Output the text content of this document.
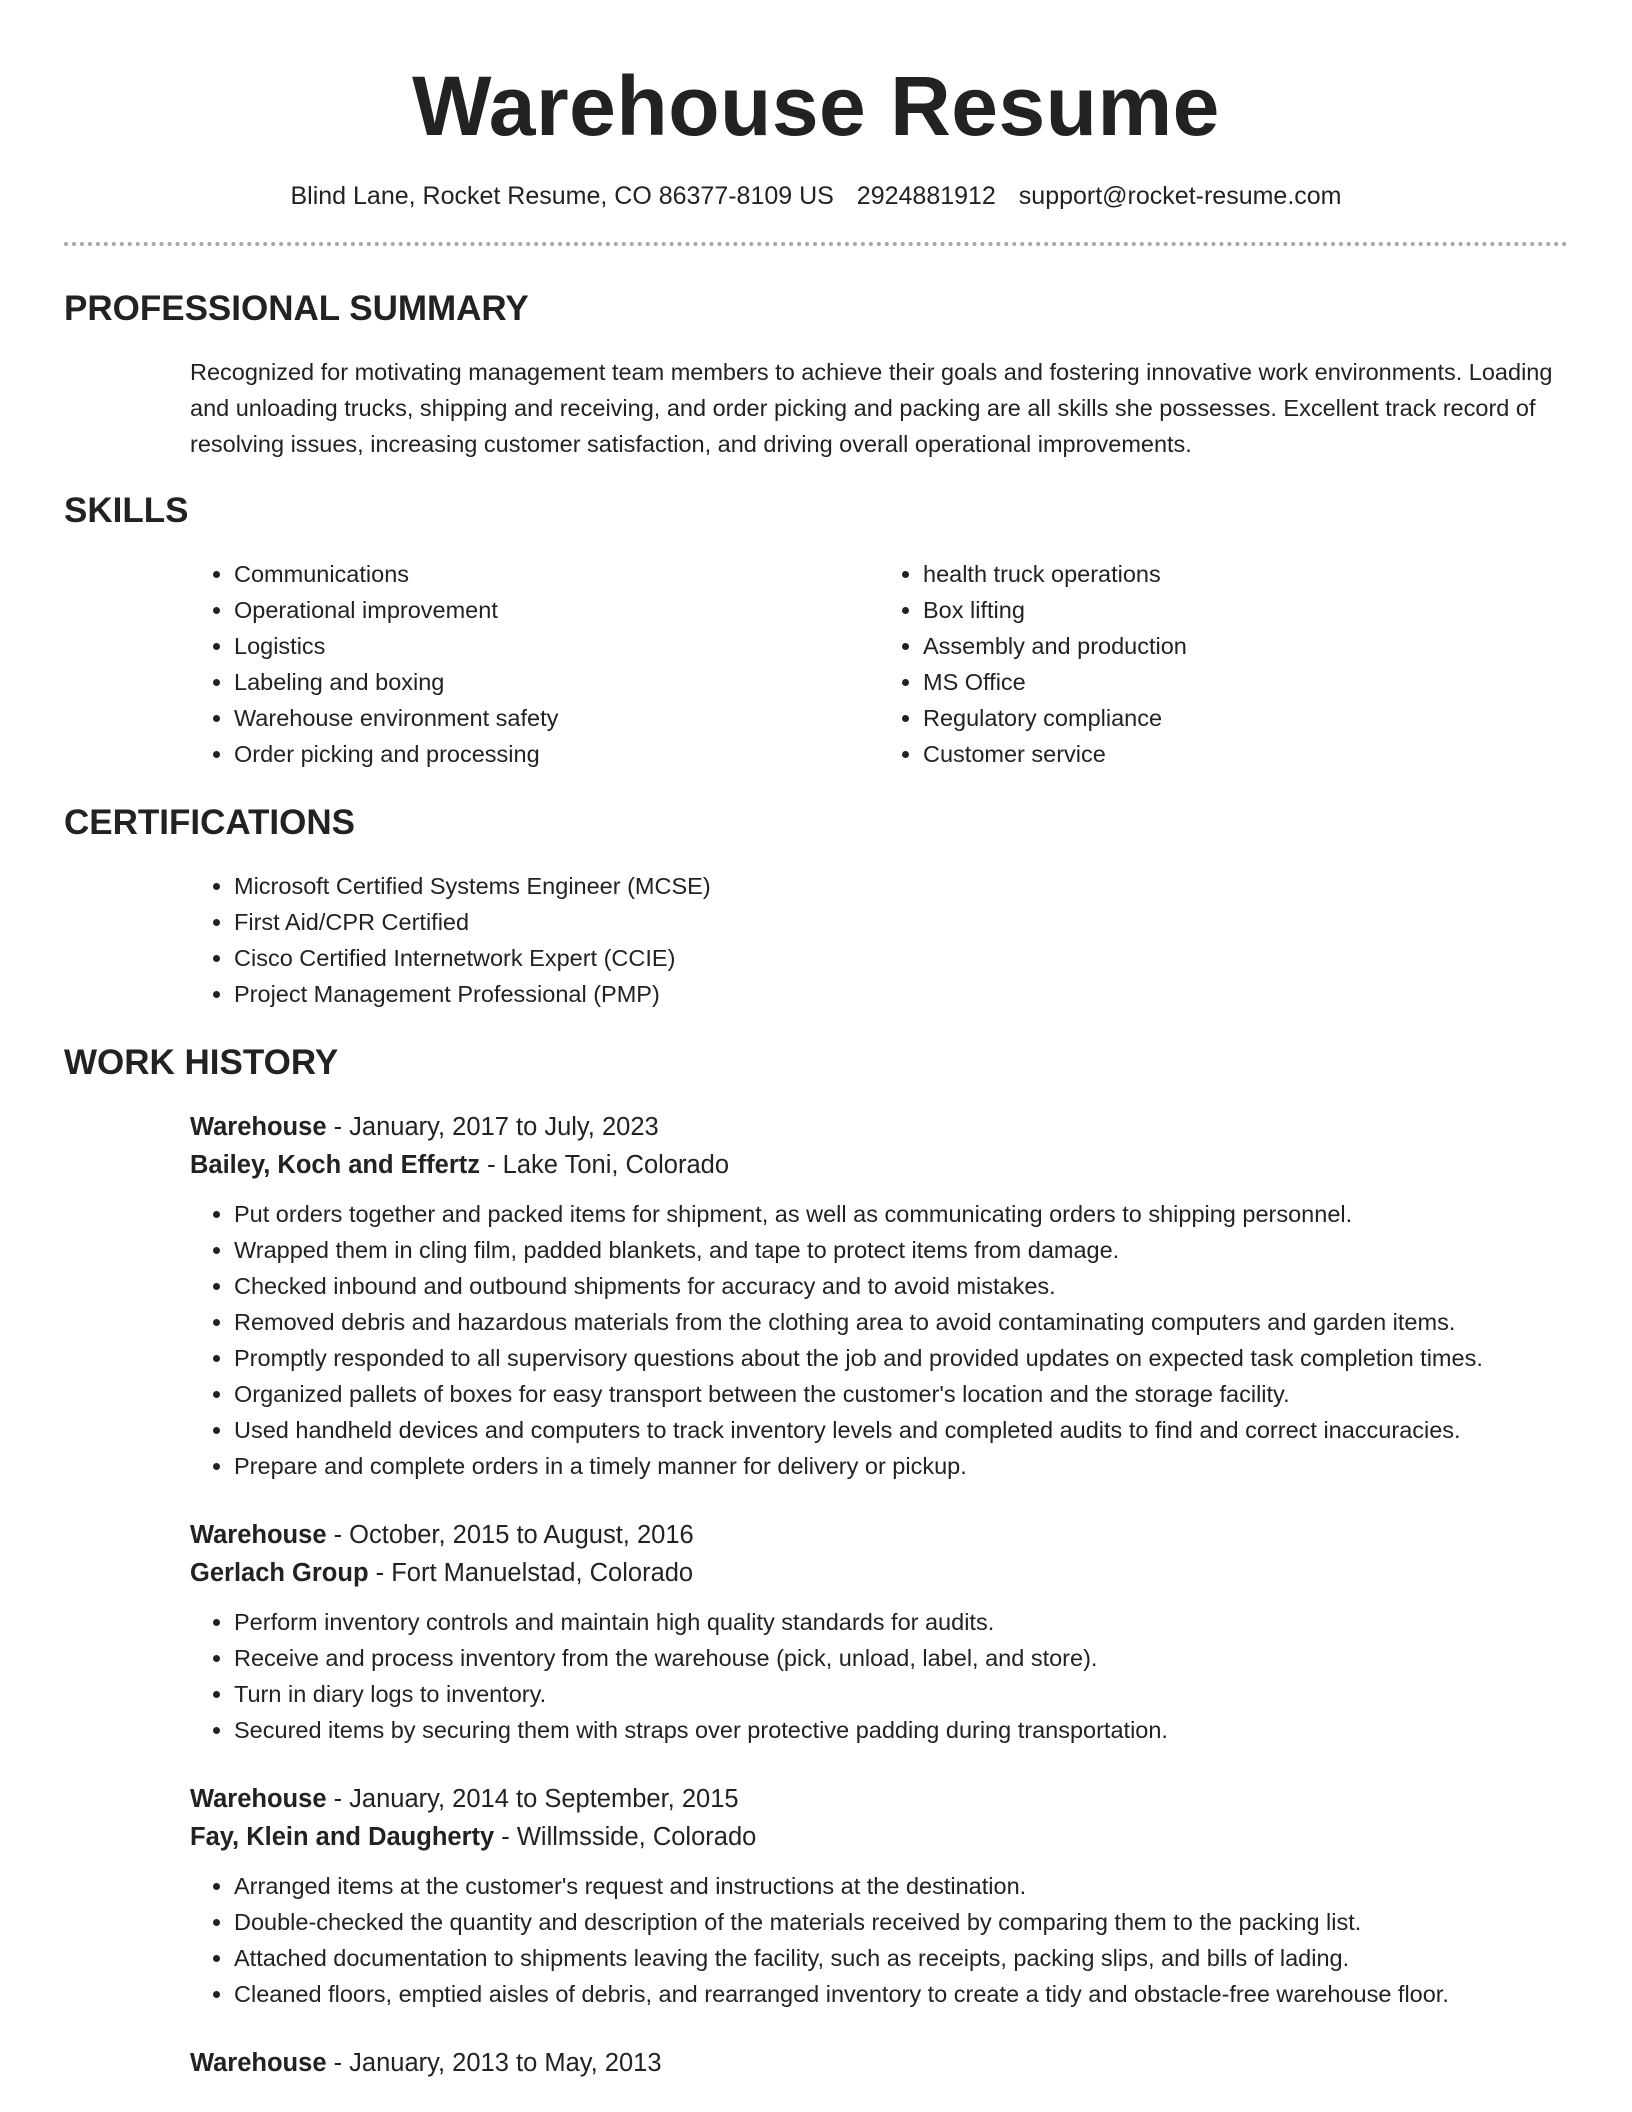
Warehouse Resume
Blind Lane, Rocket Resume, CO 86377-8109 US 2924881912 support@rocket-resume.com
PROFESSIONAL SUMMARY

Recognized for motivating management team members to achieve their goals and fostering innovative work environments. Loading and unloading trucks, shipping and receiving, and order picking and packing are all skills she possesses. Excellent track record of resolving issues, increasing customer satisfaction, and driving overall operational improvements.

SKILLS
• Communications
• Operational improvement
• Logistics
• Labeling and boxing
• Warehouse environment safety
• Order picking and processing
• health truck operations
• Box lifting
• Assembly and production
• MS Office
• Regulatory compliance
• Customer service
CERTIFICATIONS
• Microsoft Certified Systems Engineer (MCSE)
• First Aid/CPR Certified
• Cisco Certified Internetwork Expert (CCIE)
• Project Management Professional (PMP)
WORK HISTORY
Warehouse - January, 2017 to July, 2023
Bailey, Koch and Effertz - Lake Toni, Colorado
• Put orders together and packed items for shipment, as well as communicating orders to shipping personnel.
• Wrapped them in cling film, padded blankets, and tape to protect items from damage.
• Checked inbound and outbound shipments for accuracy and to avoid mistakes.
• Removed debris and hazardous materials from the clothing area to avoid contaminating computers and garden items.
• Promptly responded to all supervisory questions about the job and provided updates on expected task completion times.
• Organized pallets of boxes for easy transport between the customer's location and the storage facility.
• Used handheld devices and computers to track inventory levels and completed audits to find and correct inaccuracies.
• Prepare and complete orders in a timely manner for delivery or pickup.
Warehouse - October, 2015 to August, 2016
Gerlach Group - Fort Manuelstad, Colorado
• Perform inventory controls and maintain high quality standards for audits.
• Receive and process inventory from the warehouse (pick, unload, label, and store).
• Turn in diary logs to inventory.
• Secured items by securing them with straps over protective padding during transportation.
Warehouse - January, 2014 to September, 2015
Fay, Klein and Daugherty - Willmsside, Colorado
• Arranged items at the customer's request and instructions at the destination.
• Double-checked the quantity and description of the materials received by comparing them to the packing list.
• Attached documentation to shipments leaving the facility, such as receipts, packing slips, and bills of lading.
• Cleaned floors, emptied aisles of debris, and rearranged inventory to create a tidy and obstacle-free warehouse floor.
Warehouse - January, 2013 to May, 2013
